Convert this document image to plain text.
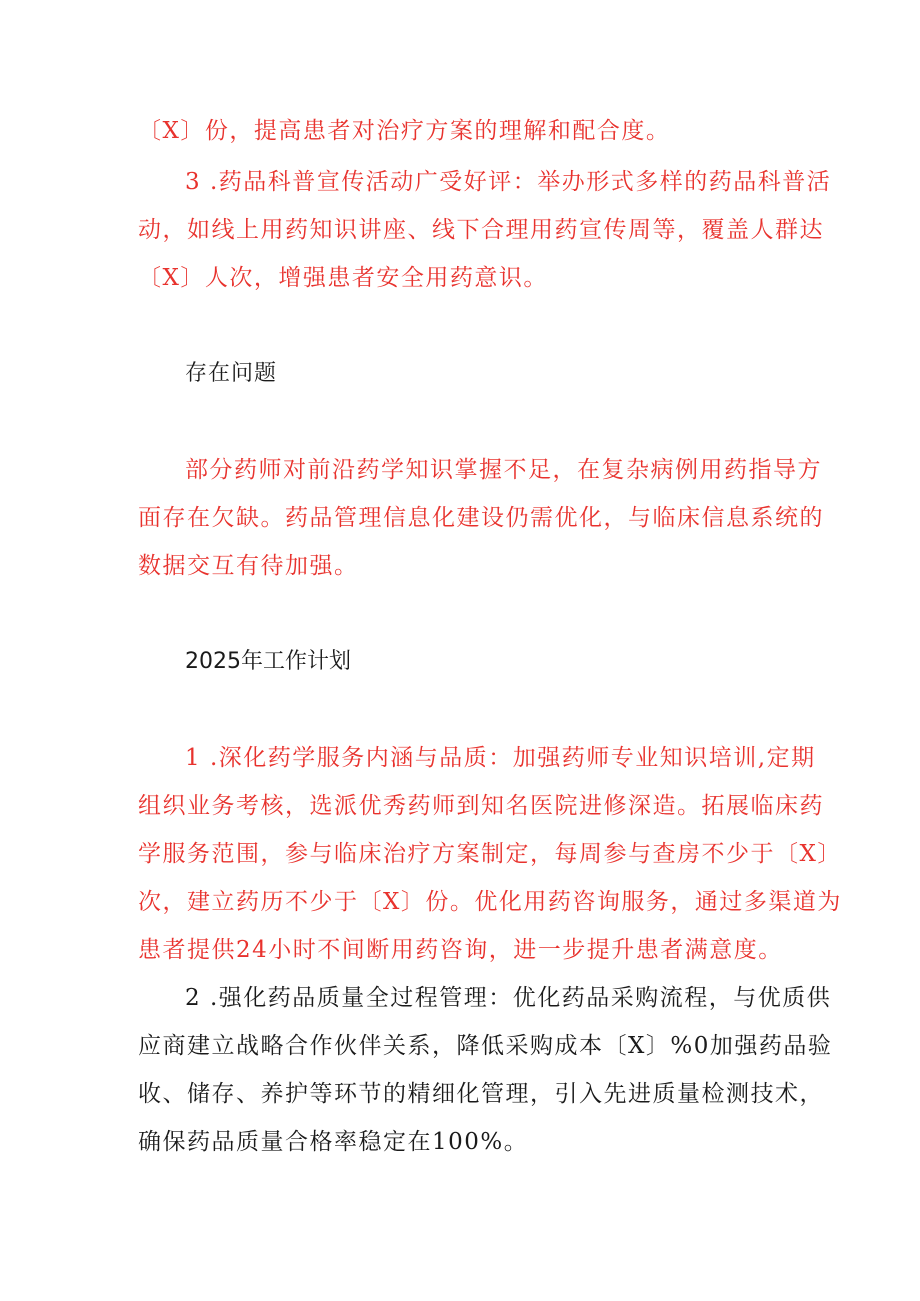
〔X〕份，提高患者对治疗方案的理解和配合度。
3 .药品科普宣传活动广受好评：举办形式多样的药品科普活
动，如线上用药知识讲座、线下合理用药宣传周等，覆盖人群达
〔X〕人次，增强患者安全用药意识。
存在问题
部分药师对前沿药学知识掌握不足，在复杂病例用药指导方
面存在欠缺。药品管理信息化建设仍需优化，与临床信息系统的
数据交互有待加强。
2025年工作计划
1 .深化药学服务内涵与品质：加强药师专业知识培训,定期
组织业务考核，选派优秀药师到知名医院进修深造。拓展临床药
学服务范围，参与临床治疗方案制定，每周参与查房不少于〔X〕
次，建立药历不少于〔X〕份。优化用药咨询服务，通过多渠道为
患者提供24小时不间断用药咨询，进一步提升患者满意度。
2 .强化药品质量全过程管理：优化药品采购流程，与优质供
应商建立战略合作伙伴关系，降低采购成本〔X〕%0加强药品验
收、储存、养护等环节的精细化管理，引入先进质量检测技术，
确保药品质量合格率稳定在100%。
